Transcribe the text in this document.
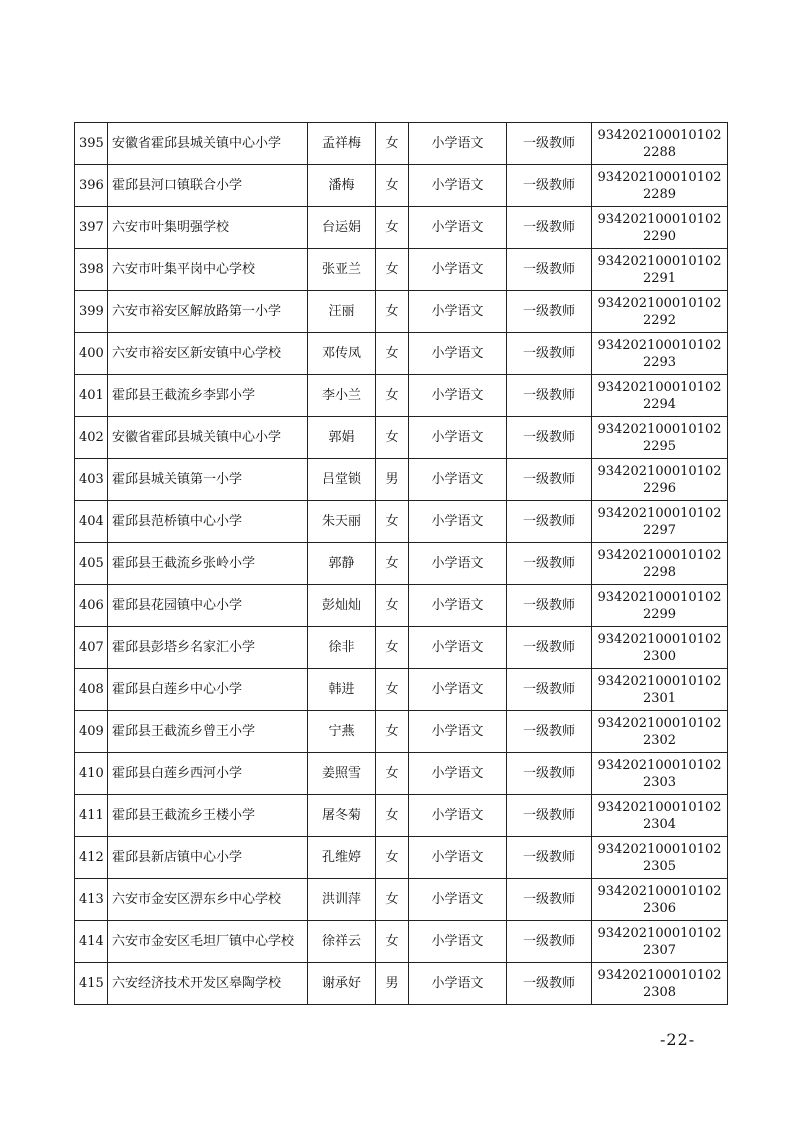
395	安徽省霍邱县城关镇中心小学	孟祥梅	女	小学语文	一级教师	9342021000101022288
396	霍邱县河口镇联合小学	潘梅	女	小学语文	一级教师	9342021000101022289
397	六安市叶集明强学校	台运娟	女	小学语文	一级教师	9342021000101022290
398	六安市叶集平岗中心学校	张亚兰	女	小学语文	一级教师	9342021000101022291
399	六安市裕安区解放路第一小学	汪丽	女	小学语文	一级教师	9342021000101022292
400	六安市裕安区新安镇中心学校	邓传凤	女	小学语文	一级教师	9342021000101022293
401	霍邱县王截流乡李郢小学	李小兰	女	小学语文	一级教师	9342021000101022294
402	安徽省霍邱县城关镇中心小学	郭娟	女	小学语文	一级教师	9342021000101022295
403	霍邱县城关镇第一小学	吕堂锁	男	小学语文	一级教师	9342021000101022296
404	霍邱县范桥镇中心小学	朱天丽	女	小学语文	一级教师	9342021000101022297
405	霍邱县王截流乡张岭小学	郭静	女	小学语文	一级教师	9342021000101022298
406	霍邱县花园镇中心小学	彭灿灿	女	小学语文	一级教师	9342021000101022299
407	霍邱县彭塔乡名家汇小学	徐非	女	小学语文	一级教师	9342021000101022300
408	霍邱县白莲乡中心小学	韩进	女	小学语文	一级教师	9342021000101022301
409	霍邱县王截流乡曾王小学	宁燕	女	小学语文	一级教师	9342021000101022302
410	霍邱县白莲乡西河小学	姜照雪	女	小学语文	一级教师	9342021000101022303
411	霍邱县王截流乡王楼小学	屠冬菊	女	小学语文	一级教师	9342021000101022304
412	霍邱县新店镇中心小学	孔维婷	女	小学语文	一级教师	9342021000101022305
413	六安市金安区淠东乡中心学校	洪训萍	女	小学语文	一级教师	9342021000101022306
414	六安市金安区毛坦厂镇中心学校	徐祥云	女	小学语文	一级教师	9342021000101022307
415	六安经济技术开发区皋陶学校	谢承好	男	小学语文	一级教师	9342021000101022308
-22-
